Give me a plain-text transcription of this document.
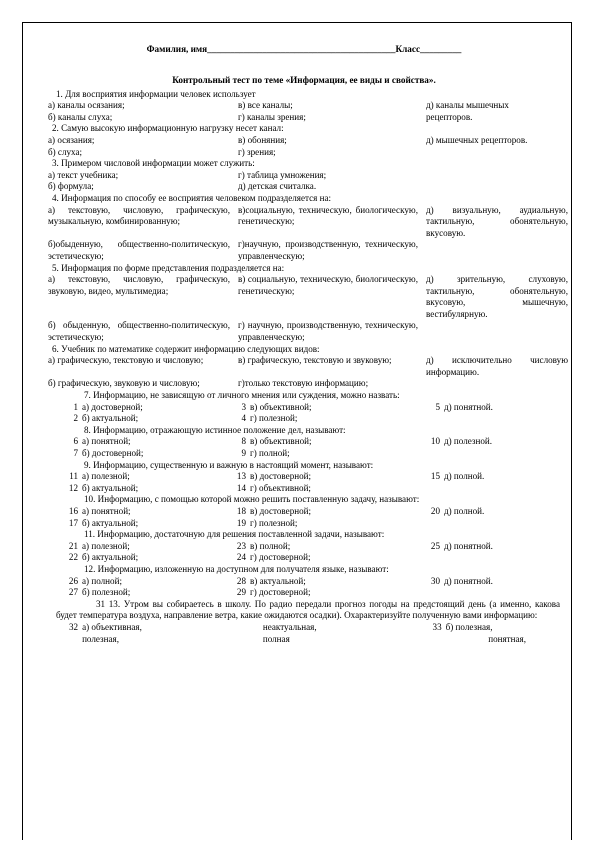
Фамилия, имя_________________________________________Класс_________
Контрольный тест по теме «Информация, ее виды и свойства».
1. Для восприятия информации человек использует
а) каналы осязания;	в) все каналы;	д) каналы мышечных
б) каналы слуха;	г) каналы зрения;	рецепторов.
2. Самую высокую информационную нагрузку несет канал:
а) осязания;	в) обоняния;	д) мышечных рецепторов.
б) слуха;	г) зрения;	
3. Примером числовой информации может служить:
а) текст учебника;	г) таблица умножения;	
б) формула;	д) детская считалка.	
4. Информация по способу ее восприятия человеком подразделяется на:
а) текстовую, числовую, графическую, музыкальную, комбинированную;	в)социальную, техническую, биологическую, генетическую;	д) визуальную, аудиальную, тактильную, обонятельную, вкусовую.
б)обыденную, общественно-политическую, эстетическую;	г)научную, производственную, техническую, управленческую;	
5. Информация по форме представления подразделяется на:
а) текстовую, числовую, графическую, звуковую, видео, мультимедиа;	в) социальную, техническую, биологическую, генетическую;	д) зрительную, слуховую, тактильную, обонятельную, вкусовую, мышечную, вестибулярную.
б) обыденную, общественно-политическую, эстетическую;	г) научную, производственную, техническую, управленческую;	
6. Учебник по математике содержит информацию следующих видов:
а) графическую, текстовую и числовую;	в) графическую, текстовую и звуковую;	д) исключительно числовую информацию.
б) графическую, звуковую и числовую;	г)только текстовую информацию;	
7. Информацию, не зависящую от личного мнения или суждения, можно назвать:
1	а) достоверной;	3	в) объективной;	5	д) понятной.
2	б) актуальной;	4	г) полезной;		
8. Информацию, отражающую истинное положение дел, называют:
6	а) понятной;	8	в) объективной;	10	д) полезной.
7	б) достоверной;	9	г) полной;		
9. Информацию, существенную и важную в настоящий момент, называют:
11	а) полезной;	13	в) достоверной;	15	д) полной.
12	б) актуальной;	14	г) объективной;		
10. Информацию, с помощью которой можно решить поставленную задачу, называют:
16	а) понятной;	18	в) достоверной;	20	д) полной.
17	б) актуальной;	19	г) полезной;		
11. Информацию, достаточную для решения поставленной задачи, называют:
21	а) полезной;	23	в) полной;	25	д) понятной.
22	б) актуальной;	24	г) достоверной;		
12. Информацию, изложенную на доступном для получателя языке, называют:
26	а) полной;	28	в) актуальной;	30	д) понятной.
27	б) полезной;	29	г) достоверной;		
31 13. Утром вы собираетесь в школу. По радио передали прогноз погоды на предстоящий день (а именно, какова будет температура воздуха, направление ветра, какие ожидаются осадки). Охарактеризуйте полученную вами информацию:
32	а) объективная,	неактуальная,	33	б) полезная,
	полезная,	полная		понятная,
